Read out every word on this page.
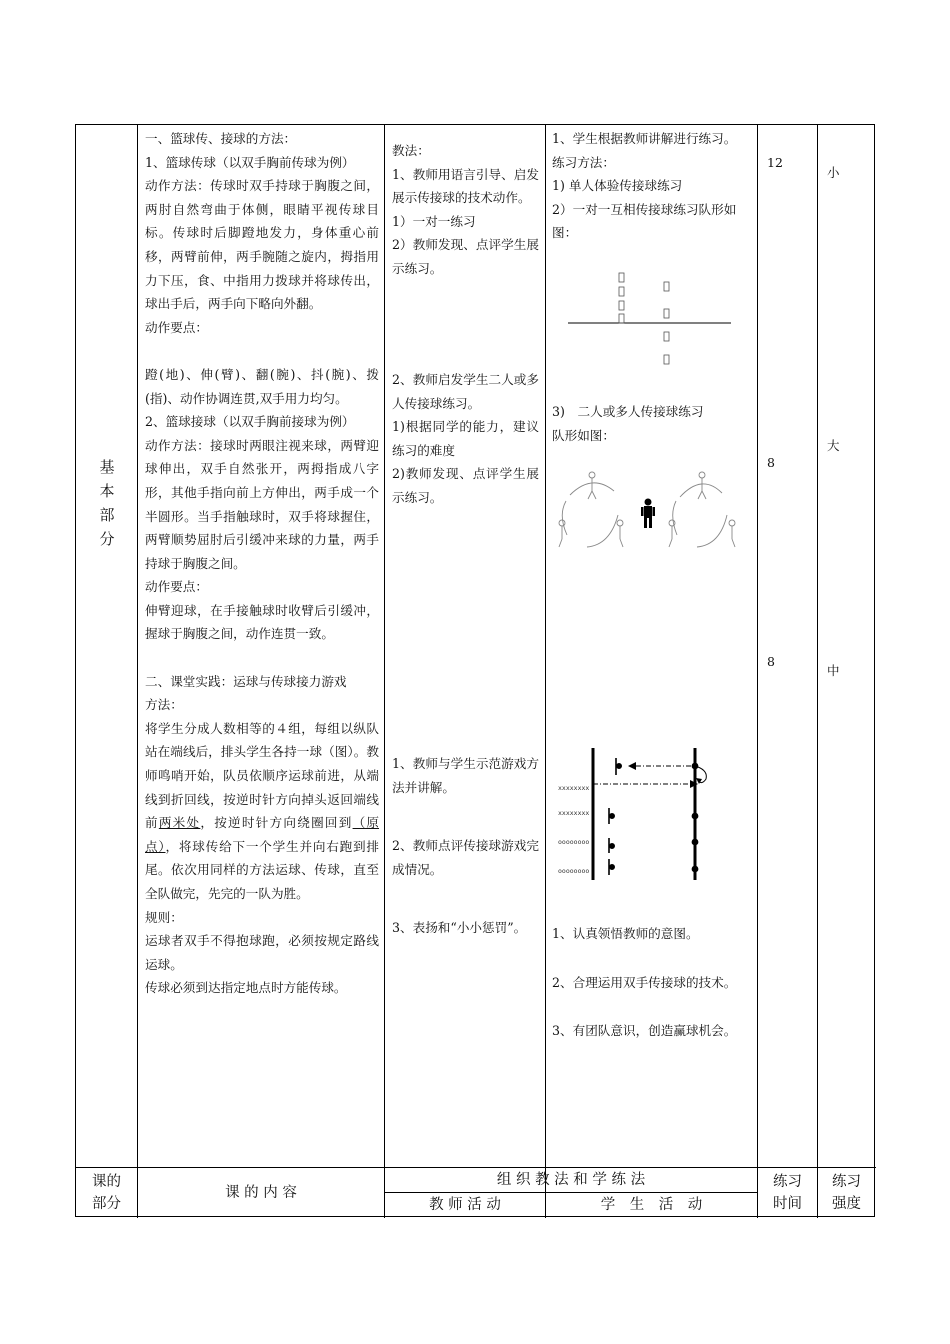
基
本
部
分

一、篮球传、接球的方法：

1、篮球传球（以双手胸前传球为例）

动作方法：传球时双手持球于胸腹之间，两肘自然弯曲于体侧，眼睛平视传球目标。传球时后脚蹬地发力，身体重心前移，两臂前伸，两手腕随之旋内，拇指用力下压，食、中指用力拨球并将球传出，球出手后，两手向下略向外翻。

动作要点：

蹬(地)、伸(臂)、翻(腕)、抖(腕)、拨(指)、动作协调连贯,双手用力均匀。

2、篮球接球（以双手胸前接球为例）

动作方法：接球时两眼注视来球，两臂迎球伸出，双手自然张开，两拇指成八字形，其他手指向前上方伸出，两手成一个半圆形。当手指触球时，双手将球握住，两臂顺势屈肘后引缓冲来球的力量，两手持球于胸腹之间。

动作要点：

伸臂迎球，在手接触球时收臂后引缓冲，握球于胸腹之间，动作连贯一致。

二、课堂实践：运球与传球接力游戏

方法：

将学生分成人数相等的４组，每组以纵队站在端线后，排头学生各持一球（图）。教师鸣哨开始，队员依顺序运球前进，从端线到折回线，按逆时针方向掉头返回端线前两米处，按逆时针方向绕圈回到（原点），将球传给下一个学生并向右跑到排尾。依次用同样的方法运球、传球，直至全队做完，先完的一队为胜。

规则：

运球者双手不得抱球跑，必须按规定路线运球。

传球必须到达指定地点时方能传球。

教法：

1、教师用语言引导、启发展示传接球的技术动作。

1）一对一练习

2）教师发现、点评学生展示练习。

2、教师启发学生二人或多人传接球练习。

1)根据同学的能力，建议练习的难度

2)教师发现、点评学生展示练习。

1、教师与学生示范游戏方法并讲解。

2、教师点评传接球游戏完成情况。

3、表扬和“小小惩罚”。

1、学生根据教师讲解进行练习。

练习方法：

1) 单人体验传接球练习

2）一对一互相传接球练习队形如图：

3)　二人或多人传接球练习

队形如图：

xxxxxxxx
xxxxxxxx
oooooooo
oooooooo

1、认真领悟教师的意图。

2、合理运用双手传接球的技术。

3、有团队意识，创造赢球机会。

12
8
8
小
大
中
课的部分
课 的 内 容
组 织 教 法 和 学 练 法
教 师 活 动	学　生　活　动
练习时间
练习强度
